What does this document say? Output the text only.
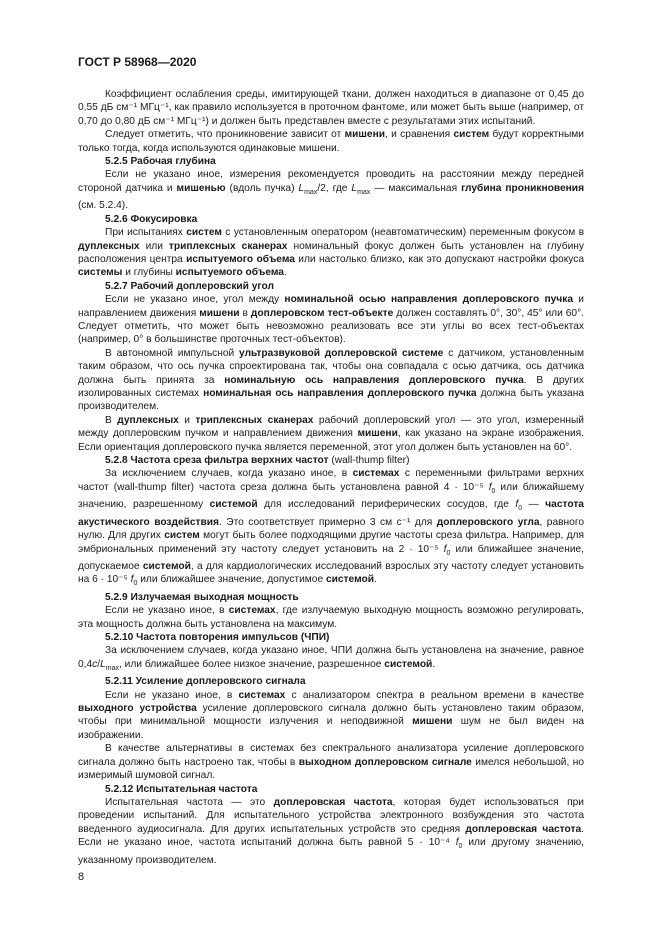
ГОСТ Р 58968—2020

Коэффициент ослабления среды, имитирующей ткани, должен находиться в диапазоне от 0,45 до 0,55 дБ см⁻¹ МГц⁻¹, как правило используется в проточном фантоме, или может быть выше (например, от 0,70 до 0,80 дБ см⁻¹ МГц⁻¹) и должен быть представлен вместе с результатами этих испытаний.

Следует отметить, что проникновение зависит от мишени, и сравнения систем будут корректными только тогда, когда используются одинаковые мишени.

5.2.5 Рабочая глубина

Если не указано иное, измерения рекомендуется проводить на расстоянии между передней стороной датчика и мишенью (вдоль пучка) $L_{max}/2$, где $L_{max}$ — максимальная глубина проникновения (см. 5.2.4).

5.2.6 Фокусировка

При испытаниях систем с установленным оператором (неавтоматическим) переменным фокусом в дуплексных или триплексных сканерах номинальный фокус должен быть установлен на глубину расположения центра испытуемого объема или настолько близко, как это допускают настройки фокуса системы и глубины испытуемого объема.

5.2.7 Рабочий доплеровский угол

Если не указано иное, угол между номинальной осью направления доплеровского пучка и направлением движения мишени в доплеровском тест-объекте должен составлять 0°, 30°, 45° или 60°. Следует отметить, что может быть невозможно реализовать все эти углы во всех тест-объектах (например, 0° в большинстве проточных тест-объектов).

В автономной импульсной ультразвуковой доплеровской системе с датчиком, установленным таким образом, что ось пучка спроектирована так, чтобы она совпадала с осью датчика, ось датчика должна быть принята за номинальную ось направления доплеровского пучка. В других изолированных системах номинальная ось направления доплеровского пучка должна быть указана производителем.

В дуплексных и триплексных сканерах рабочий доплеровский угол — это угол, измеренный между доплеровским пучком и направлением движения мишени, как указано на экране изображения. Если ориентация доплеровского пучка является переменной, этот угол должен быть установлен на 60°.

5.2.8 Частота среза фильтра верхних частот (wall-thump filter)

За исключением случаев, когда указано иное, в системах с переменными фильтрами верхних частот (wall-thump filter) частота среза должна быть установлена равной 4 · 10⁻⁵ $f_0$ или ближайшему значению, разрешенному системой для исследований периферических сосудов, где $f_0$ — частота акустического воздействия. Это соответствует примерно 3 см с⁻¹ для доплеровского угла, равного нулю. Для других систем могут быть более подходящими другие частоты среза фильтра. Например, для эмбриональных применений эту частоту следует установить на 2 · 10⁻⁵ $f_0$ или ближайшее значение, допускаемое системой, а для кардиологических исследований взрослых эту частоту следует установить на 6 · 10⁻⁵ $f_0$ или ближайшее значение, допустимое системой.

5.2.9 Излучаемая выходная мощность

Если не указано иное, в системах, где излучаемую выходную мощность возможно регулировать, эта мощность должна быть установлена на максимум.

5.2.10 Частота повторения импульсов (ЧПИ)

За исключением случаев, когда указано иное, ЧПИ должна быть установлена на значение, равное $0,4c/L_{max}$, или ближайшее более низкое значение, разрешенное системой.

5.2.11 Усиление доплеровского сигнала

Если не указано иное, в системах с анализатором спектра в реальном времени в качестве выходного устройства усиление доплеровского сигнала должно быть установлено таким образом, чтобы при минимальной мощности излучения и неподвижной мишени шум не был виден на изображении.

В качестве альтернативы в системах без спектрального анализатора усиление доплеровского сигнала должно быть настроено так, чтобы в выходном доплеровском сигнале имелся небольшой, но измеримый шумовой сигнал.

5.2.12 Испытательная частота

Испытательная частота — это доплеровская частота, которая будет использоваться при проведении испытаний. Для испытательного устройства электронного возбуждения это частота введенного аудиосигнала. Для других испытательных устройств это средняя доплеровская частота. Если не указано иное, частота испытаний должна быть равной 5 · 10⁻⁴ $f_0$ или другому значению, указанному производителем.

8
